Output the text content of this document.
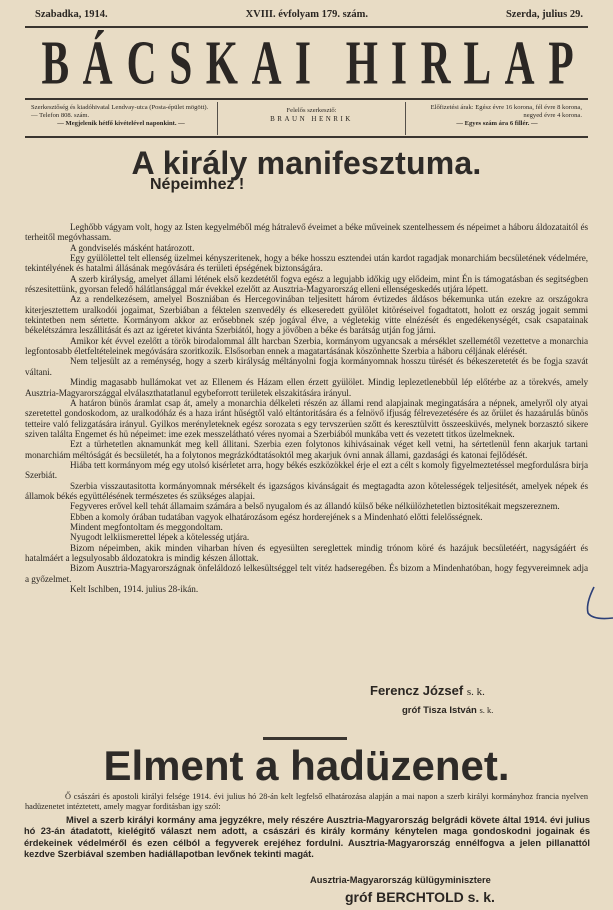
Szabadka, 1914.	XVIII. évfolyam 179. szám.	Szerda, julius 29.
B Á C S K A I
H I R L A P
Szerkesztőség és kiadóhivatal Lendvay-utca (Posta-épület mögött). — Telefon 808. szám.
— Megjelenik hétfő kivételével naponkint. —
Felelős szerkesztő:
BRAUN HENRIK
Előfizetési árak: Egész évre 16 korona, fél évre 8 korona, negyed évre 4 korona.
— Egyes szám ára 6 fillér. —
A király manifesztuma.
Népeimhez !

Leghőbb vágyam volt, hogy az Isten kegyelméből még hátralevő éveimet a béke műveinek szentelhessem és népeimet a háboru áldozataitól és terheitől megóvhassam.

A gondviselés másként határozott.

Egy gyülölettel telt ellenség üzelmei kényszeritenek, hogy a béke hosszu esztendei után kardot ragadjak monarchiám becsületének védelmére, tekintélyének és hatalmi állásának megóvására és területi épségének biztonságára.

A szerb királyság, amelyet állami létének első kezdetétől fogva egész a legujabb időkig ugy elődeim, mint Én is támogatásban és segitségben részesitettünk, gyorsan feledő hálátlansággal már évekkel ezelőtt az Ausztria-Magyarország elleni ellenségeskedés utjára lépett.

Az a rendelkezésem, amelyel Boszniában és Hercegovinában teljesitett három évtizedes áldásos békemunka után ezekre az országokra kiterjesztettem uralkodói jogaimat, Szerbiában a féktelen szenvedély és elkeseredett gyülölet kitöréseivel fogadtatott, holott ez ország jogait semmi tekintetben nem sértette. Kormányom akkor az erősebbnek szép jogával élve, a végletekig vitte elnézését és engedékenységét, csak csapatainak békelétszámra leszállitását és azt az igéretet kivánta Szerbiától, hogy a jövőben a béke és barátság utján fog járni.

Amikor két évvel ezelőtt a török birodalommal állt harcban Szerbia, kormányom ugyancsak a mérséklet szellemétől vezettetve a monarchia legfontosabb életfeltételeinek megóvására szoritkozik. Elsősorban ennek a magatartásának köszönhette Szerbia a háboru céljának elérését.

Nem teljesült az a reménység, hogy a szerb királyság méltányolni fogja kormányomnak hosszu türését és békeszeretetét és be fogja szavát váltani.

Mindig magasabb hullámokat vet az Ellenem és Házam ellen érzett gyülölet. Mindig leplezetlenebbül lép előtérbe az a törekvés, amely Ausztria-Magyarországgal elválaszthatatlanul egybeforrott területek elszakitására irányul.

A határon bünös áramlat csap át, amely a monarchia délkeleti részén az állami rend alapjainak megingatására a népnek, amelyről oly atyai szeretettel gondoskodom, az uralkodóház és a haza iránt hűségtől való eltántoritására és a felnövő ifjuság félrevezetésére és az őrület és hazaárulás bünös tetteire való felizgatására irányul. Gyilkos merényleteknek egész sorozata s egy tervszerüen szőtt és keresztülvitt összeesküvés, melynek borzasztó sikere sziven találta Engemet és hü népeimet: ime ezek messzelátható véres nyomai a Szerbiából munkába vett és vezetett titkos üzelmeknek.

Ezt a türhetetlen aknamunkát meg kell állitani. Szerbia ezen folytonos kihivásainak véget kell vetni, ha sértetlenül fenn akarjuk tartani monarchiám méltóságát és becsületét, ha a folytonos megrázkódtatásoktól meg akarjuk óvni annak állami, gazdasági és katonai fejlődését.

Hiába tett kormányom még egy utolsó kisérletet arra, hogy békés eszközökkel érje el ezt a célt s komoly figyelmeztetéssel megfordulásra birja Szerbiát.

Szerbia visszautasitotta kormányomnak mérsékelt és igazságos kivánságait és megtagadta azon kötelességek teljesitését, amelyek népek és államok békés együttélésének természetes és szükséges alapjai.

Fegyveres erővel kell tehát államaim számára a belső nyugalom és az állandó külső béke nélkülözhetetlen biztositékait megszereznem.

Ebben a komoly órában tudatában vagyok elhatározásom egész horderejének s a Mindenható előtti felelősségnek.

Mindent megfontoltam és meggondoltam.

Nyugodt lelkiismerettel lépek a kötelesség utjára.

Bizom népeimben, akik minden viharban híven és egyesülten sereglettek mindig trónom köré és hazájuk becsületéért, nagyságáért és hatalmáért a legsulyosabb áldozatokra is mindig készen állottak.

Bizom Ausztria-Magyarországnak önfeláldozó lelkesültséggel telt vitéz hadseregében. És bizom a Mindenhatóban, hogy fegyvereimnek adja a győzelmet.

Kelt Ischlben, 1914. julius 28-ikán.

Ferencz József s. k.
gróf Tisza István s. k.
Elment a hadüzenet.

Ő császári és apostoli királyi felsége 1914. évi julius hó 28-án kelt legfelső elhatározása alapján a mai napon a szerb királyi kormányhoz francia nyelven hadüzenetet intéztetett, amely magyar forditásban igy szól:

Mivel a szerb királyi kormány ama jegyzékre, mely részére Ausztria-Magyarország belgrádi követe által 1914. évi julius hó 23-án átadatott, kielégitő választ nem adott, a császári és király kormány kénytelen maga gondoskodni jogainak és érdekeinek védelméről és ezen célból a fegyverek erejéhez fordulni. Ausztria-Magyarország ennélfogva a jelen pillanattól kezdve Szerbiával szemben hadiállapotban levőnek tekinti magát.

Ausztria-Magyarország külügyminisztere
gróf BERCHTOLD s. k.
